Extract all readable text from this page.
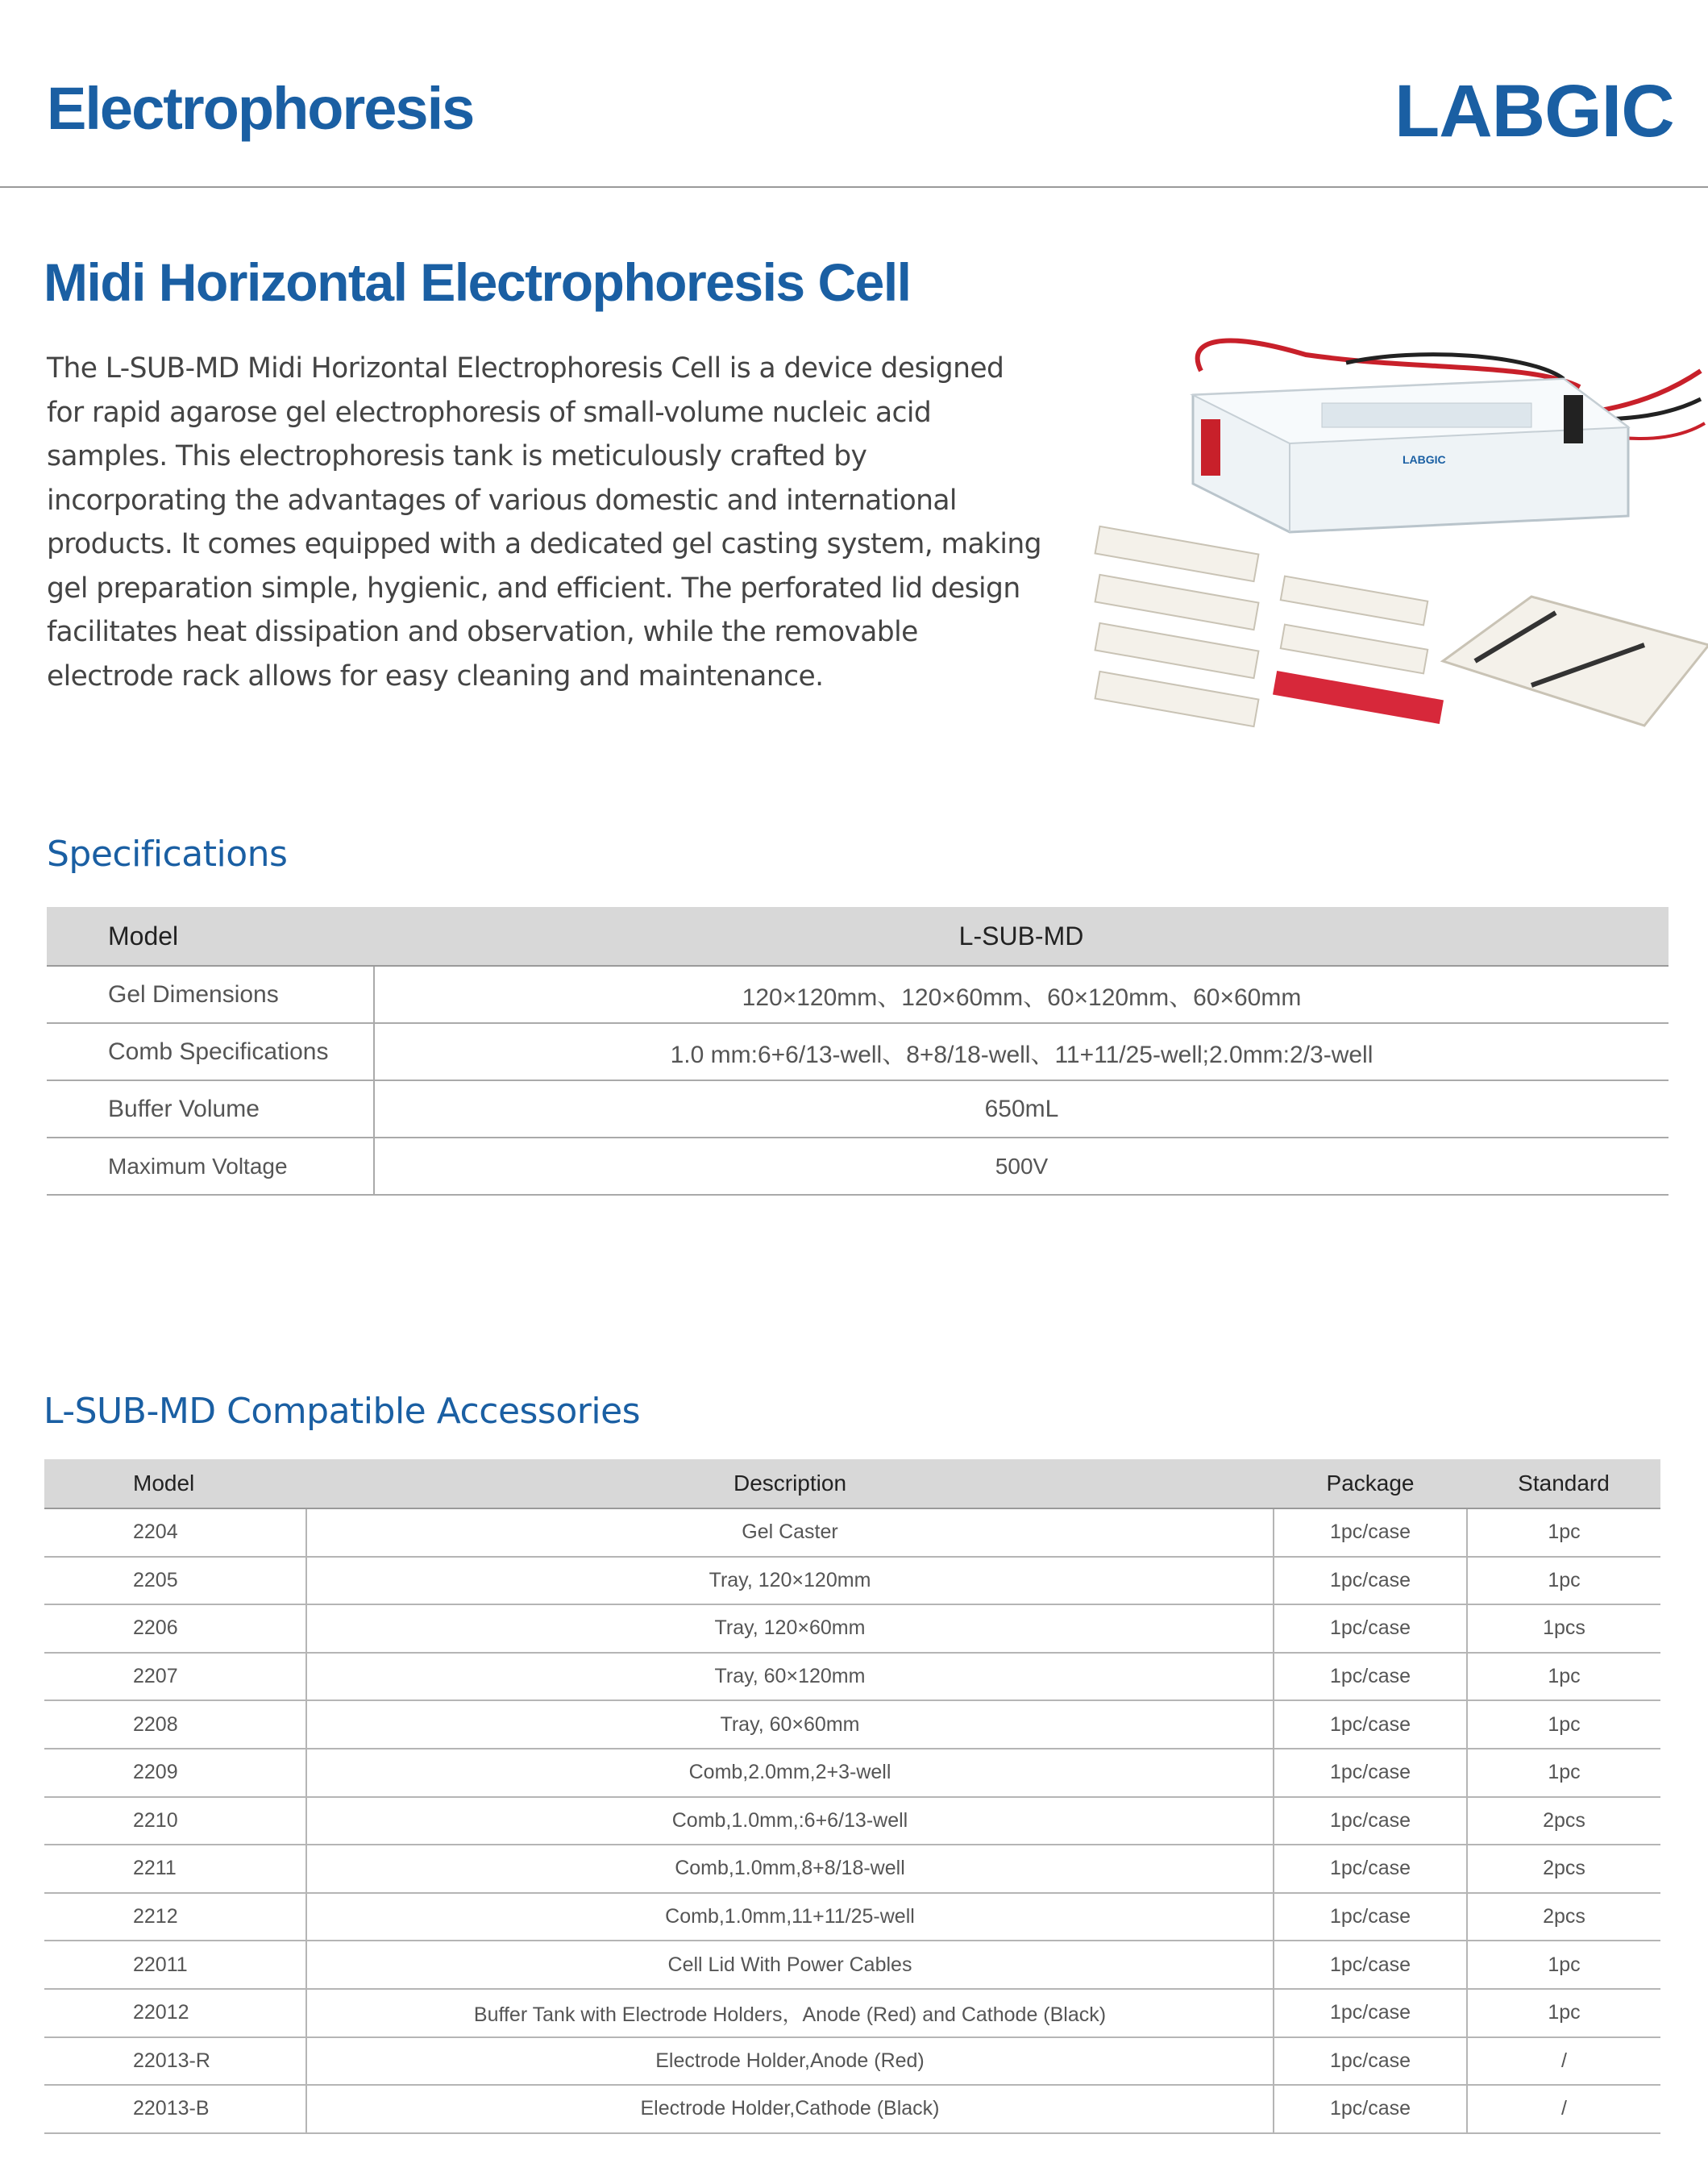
Electrophoresis	LABGIC
Midi Horizontal Electrophoresis Cell
The L-SUB-MD Midi Horizontal Electrophoresis Cell is a device designed for rapid agarose gel electrophoresis of small-volume nucleic acid samples. This electrophoresis tank is meticulously crafted by incorporating the advantages of various domestic and international products. It comes equipped with a dedicated gel casting system, making gel preparation simple, hygienic, and efficient. The perforated lid design facilitates heat dissipation and observation, while the removable electrode rack allows for easy cleaning and maintenance.
LABGIC
Specifications
Model	L-SUB-MD
Gel Dimensions	120×120mm、120×60mm、60×120mm、60×60mm
Comb Specifications	1.0 mm:6+6/13-well、8+8/18-well、11+11/25-well;2.0mm:2/3-well
Buffer Volume	650mL
Maximum Voltage	500V
L-SUB-MD Compatible Accessories
Model	Description	Package	Standard
2204	Gel Caster	1pc/case	1pc
2205	Tray, 120×120mm	1pc/case	1pc
2206	Tray, 120×60mm	1pc/case	1pcs
2207	Tray, 60×120mm	1pc/case	1pc
2208	Tray, 60×60mm	1pc/case	1pc
2209	Comb,2.0mm,2+3-well	1pc/case	1pc
2210	Comb,1.0mm,:6+6/13-well	1pc/case	2pcs
2211	Comb,1.0mm,8+8/18-well	1pc/case	2pcs
2212	Comb,1.0mm,11+11/25-well	1pc/case	2pcs
22011	Cell Lid With Power Cables	1pc/case	1pc
22012	Buffer Tank with Electrode Holders，Anode (Red) and Cathode (Black)	1pc/case	1pc
22013-R	Electrode Holder,Anode (Red)	1pc/case	/
22013-B	Electrode Holder,Cathode (Black)	1pc/case	/
